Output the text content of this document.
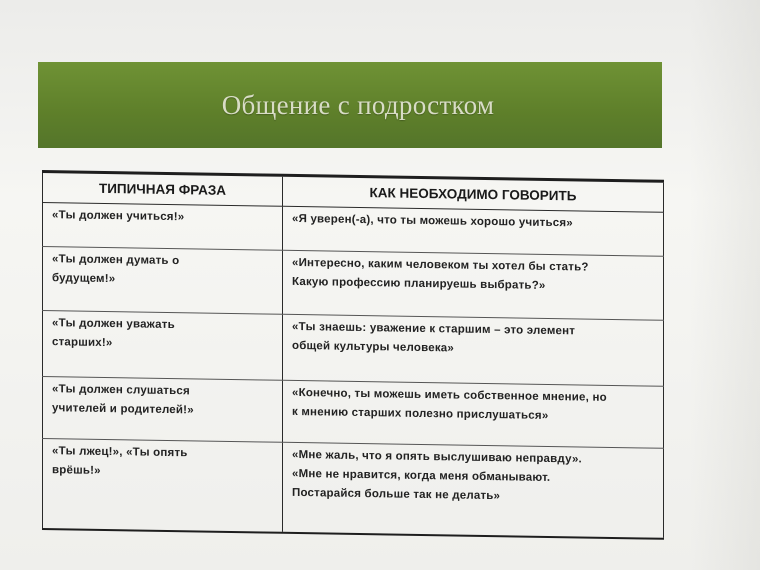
Общение с подростком
ТИПИЧНАЯ ФРАЗА	КАК НЕОБХОДИМО ГОВОРИТЬ

«Ты должен учиться!»	«Я уверен(-а), что ты можешь хорошо учиться»

«Ты должен думать о
будущем!»	«Интересно, каким человеком ты хотел бы стать?
Какую профессию планируешь выбрать?»

«Ты должен уважать
старших!»	«Ты знаешь: уважение к старшим – это элемент
общей культуры человека»

«Ты должен слушаться
учителей и родителей!»	«Конечно, ты можешь иметь собственное мнение, но
к мнению старших полезно прислушаться»

«Ты лжец!», «Ты опять
врёшь!»	«Мне жаль, что я опять выслушиваю неправду».
«Мне не нравится, когда меня обманывают.
Постарайся больше так не делать»
